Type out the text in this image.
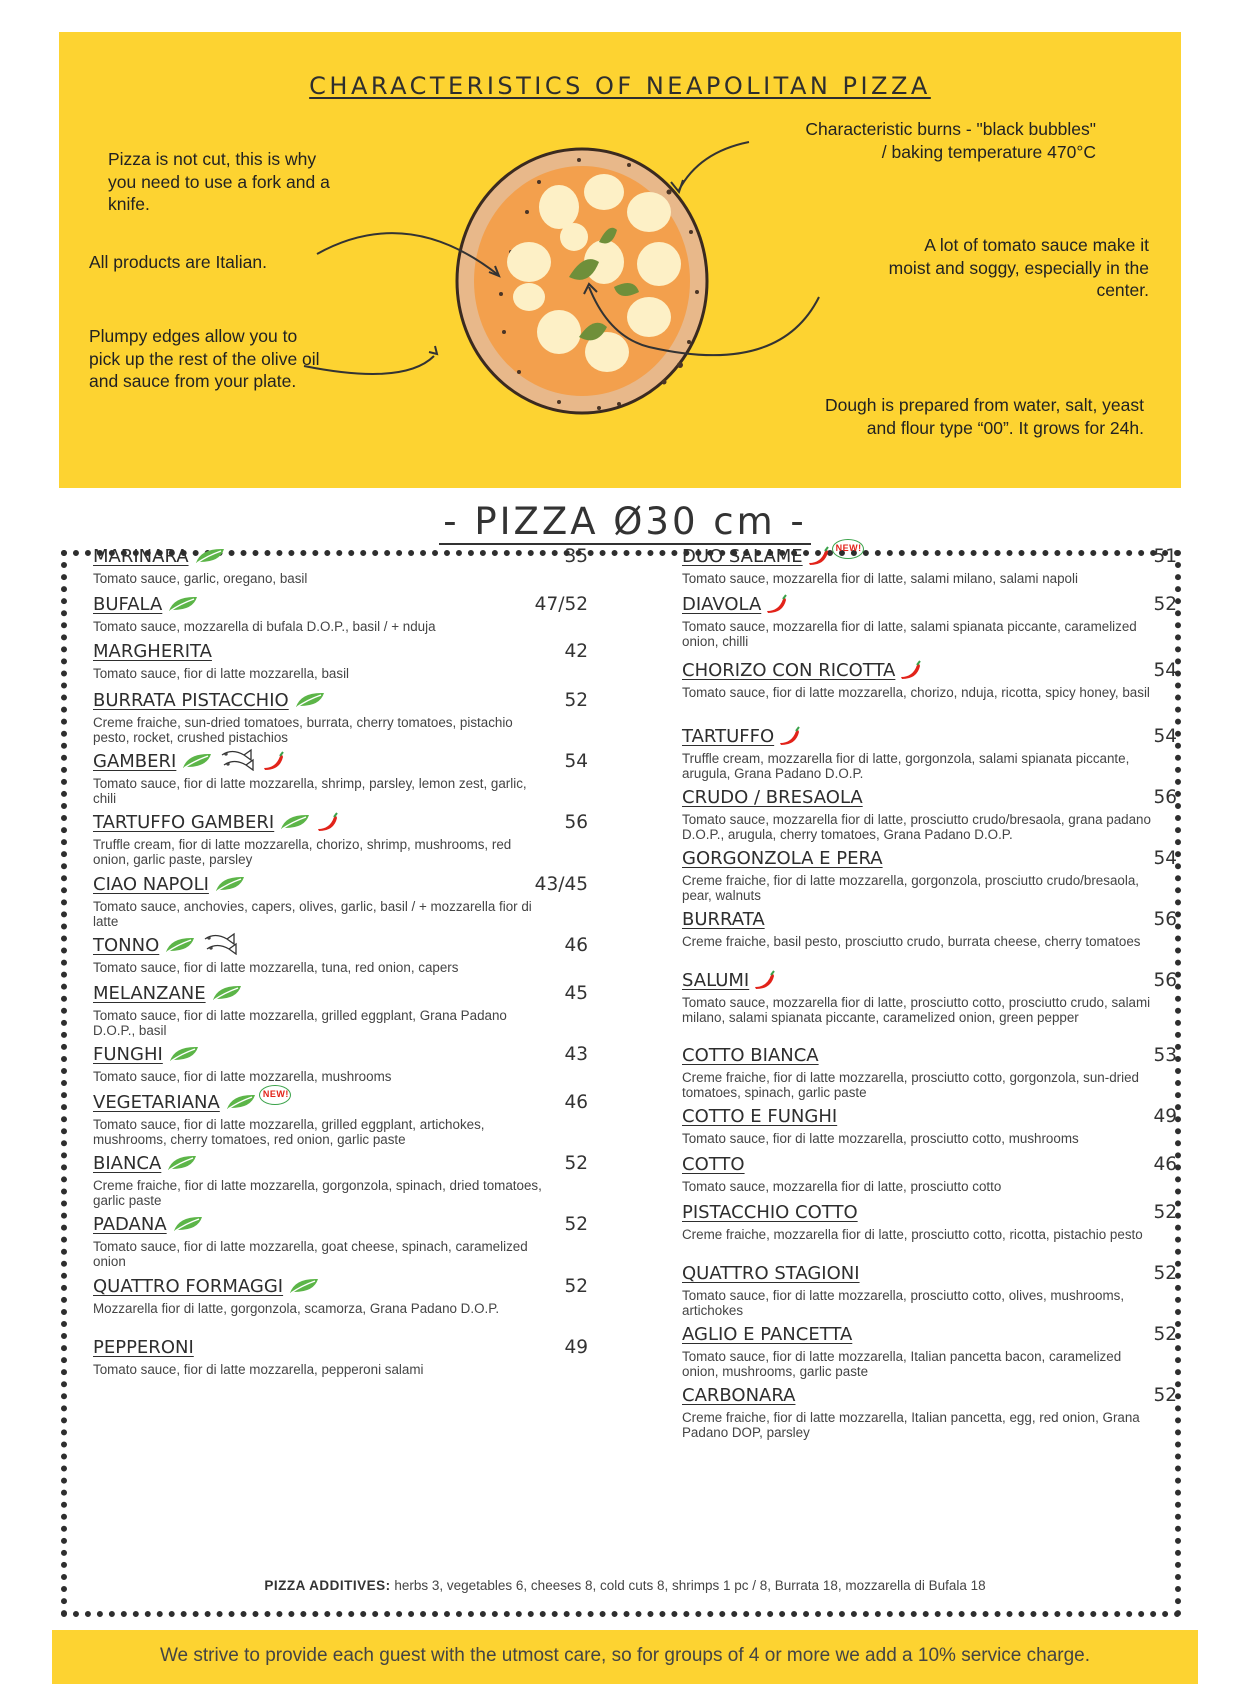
CHARACTERISTICS OF NEAPOLITAN PIZZA
Pizza is not cut, this is why you need to use a fork and a knife.
All products are Italian.
Plumpy edges allow you to pick up the rest of the olive oil and sauce from your plate.
Characteristic burns - "black bubbles" / baking temperature 470°C
A lot of tomato sauce make it moist and soggy, especially in the center.
Dough is prepared from water, salt, yeast and flour type “00”. It grows for 24h.
- PIZZA Ø30 cm -
MARINARA	35
Tomato sauce, garlic, oregano, basil
BUFALA	47/52
Tomato sauce, mozzarella di bufala D.O.P., basil / + nduja
MARGHERITA	42
Tomato sauce, fior di latte mozzarella, basil
BURRATA PISTACCHIO	52
Creme fraiche, sun-dried tomatoes, burrata, cherry tomatoes, pistachio pesto, rocket, crushed pistachios
GAMBERI	54
Tomato sauce, fior di latte mozzarella, shrimp, parsley, lemon zest, garlic, chili
TARTUFFO GAMBERI	56
Truffle cream, fior di latte mozzarella, chorizo, shrimp, mushrooms, red onion, garlic paste, parsley
CIAO NAPOLI	43/45
Tomato sauce, anchovies, capers, olives, garlic, basil / + mozzarella fior di latte
TONNO	46
Tomato sauce, fior di latte mozzarella, tuna, red onion, capers
MELANZANE	45
Tomato sauce, fior di latte mozzarella, grilled eggplant, Grana Padano D.O.P., basil
FUNGHI	43
Tomato sauce, fior di latte mozzarella, mushrooms
VEGETARIANA	NEW!	46
Tomato sauce, fior di latte mozzarella, grilled eggplant, artichokes, mushrooms, cherry tomatoes, red onion, garlic paste
BIANCA	52
Creme fraiche, fior di latte mozzarella, gorgonzola, spinach, dried tomatoes, garlic paste
PADANA	52
Tomato sauce, fior di latte mozzarella, goat cheese, spinach, caramelized onion
QUATTRO FORMAGGI	52
Mozzarella fior di latte, gorgonzola, scamorza, Grana Padano D.O.P.
PEPPERONI	49
Tomato sauce, fior di latte mozzarella, pepperoni salami
DUO SALAME	NEW!	51
Tomato sauce, mozzarella fior di latte, salami milano, salami napoli
DIAVOLA	52
Tomato sauce, mozzarella fior di latte, salami spianata piccante, caramelized onion, chilli
CHORIZO CON RICOTTA	54
Tomato sauce, fior di latte mozzarella, chorizo, nduja, ricotta, spicy honey, basil
TARTUFFO	54
Truffle cream, mozzarella fior di latte, gorgonzola, salami spianata piccante, arugula, Grana Padano D.O.P.
CRUDO / BRESAOLA	56
Tomato sauce, mozzarella fior di latte, prosciutto crudo/bresaola, grana padano D.O.P., arugula, cherry tomatoes, Grana Padano D.O.P.
GORGONZOLA E PERA	54
Creme fraiche, fior di latte mozzarella, gorgonzola, prosciutto crudo/bresaola, pear, walnuts
BURRATA	56
Creme fraiche, basil pesto, prosciutto crudo, burrata cheese, cherry tomatoes
SALUMI	56
Tomato sauce, mozzarella fior di latte, prosciutto cotto, prosciutto crudo, salami milano, salami spianata piccante, caramelized onion, green pepper
COTTO BIANCA	53
Creme fraiche, fior di latte mozzarella, prosciutto cotto, gorgonzola, sun-dried tomatoes, spinach, garlic paste
COTTO E FUNGHI	49
Tomato sauce, fior di latte mozzarella, prosciutto cotto, mushrooms
COTTO	46
Tomato sauce, mozzarella fior di latte, prosciutto cotto
PISTACCHIO COTTO	52
Creme fraiche, mozzarella fior di latte, prosciutto cotto, ricotta, pistachio pesto
QUATTRO STAGIONI	52
Tomato sauce, fior di latte mozzarella, prosciutto cotto, olives, mushrooms, artichokes
AGLIO E PANCETTA	52
Tomato sauce, fior di latte mozzarella, Italian pancetta bacon, caramelized onion, mushrooms, garlic paste
CARBONARA	52
Creme fraiche, fior di latte mozzarella, Italian pancetta, egg, red onion, Grana Padano DOP, parsley
PIZZA ADDITIVES: herbs 3, vegetables 6, cheeses 8, cold cuts 8, shrimps 1 pc / 8, Burrata 18, mozzarella di Bufala 18
We strive to provide each guest with the utmost care, so for groups of 4 or more we add a 10% service charge.
